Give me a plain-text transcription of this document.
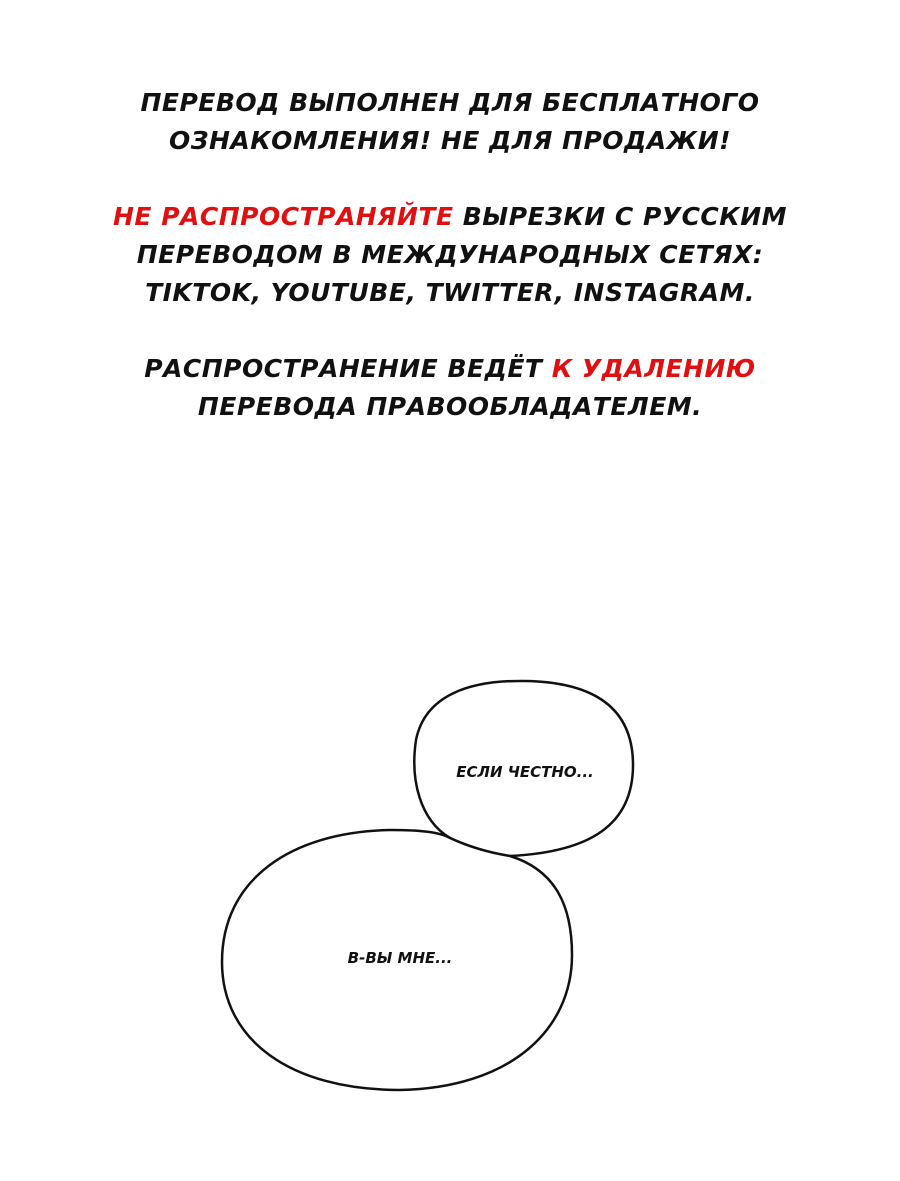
ПЕРЕВОД ВЫПОЛНЕН ДЛЯ БЕСПЛАТНОГО
ОЗНАКОМЛЕНИЯ! НЕ ДЛЯ ПРОДАЖИ!

НЕ РАСПРОСТРАНЯЙТЕ ВЫРЕЗКИ С РУССКИМ
ПЕРЕВОДОМ В МЕЖДУНАРОДНЫХ СЕТЯХ:
TIKTOK, YOUTUBE, TWITTER, INSTAGRAM.

РАСПРОСТРАНЕНИЕ ВЕДЁТ К УДАЛЕНИЮ
ПЕРЕВОДА ПРАВООБЛАДАТЕЛЕМ.

ЕСЛИ ЧЕСТНО...
В-ВЫ МНЕ...
